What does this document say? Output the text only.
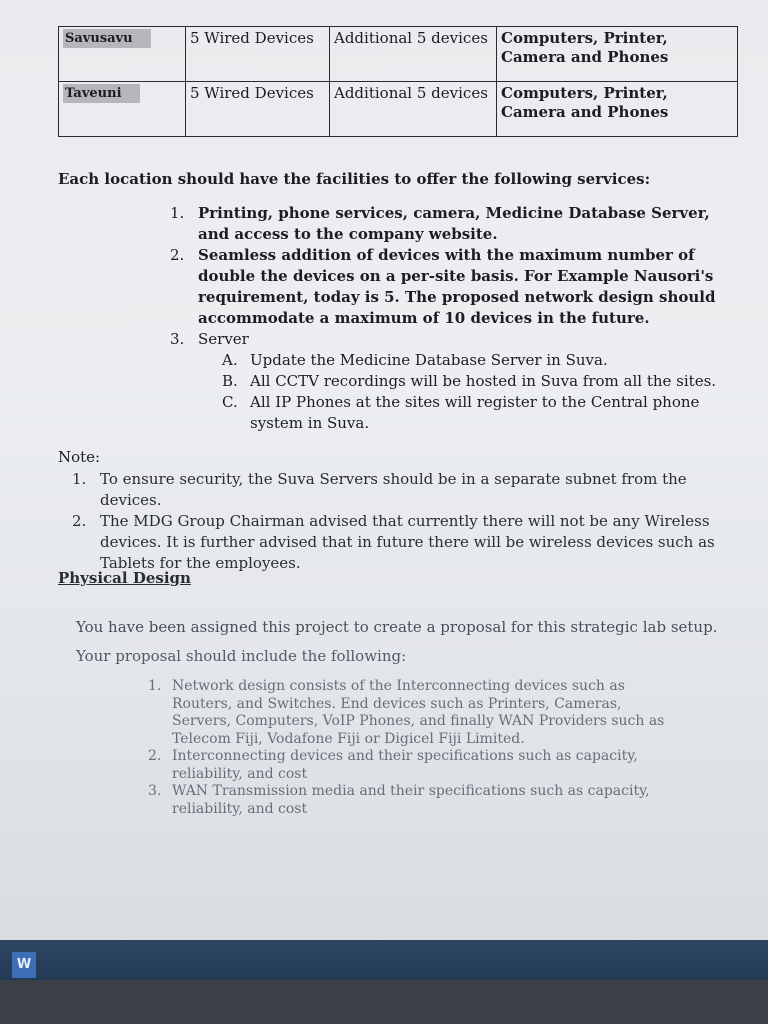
Savusavu	5 Wired Devices	Additional 5 devices	Computers, Printer, Camera and Phones
Taveuni	5 Wired Devices	Additional 5 devices	Computers, Printer, Camera and Phones
Each location should have the facilities to offer the following services:
1. Printing, phone services, camera, Medicine Database Server, and access to the company website.
2. Seamless addition of devices with the maximum number of double the devices on a per-site basis. For Example Nausori's requirement, today is 5. The proposed network design should accommodate a maximum of 10 devices in the future.
3. Server
A. Update the Medicine Database Server in Suva.
B. All CCTV recordings will be hosted in Suva from all the sites.
C. All IP Phones at the sites will register to the Central phone system in Suva.
Note:
1. To ensure security, the Suva Servers should be in a separate subnet from the devices.
2. The MDG Group Chairman advised that currently there will not be any Wireless devices. It is further advised that in future there will be wireless devices such as Tablets for the employees.
Physical Design
You have been assigned this project to create a proposal for this strategic lab setup.
Your proposal should include the following:
1. Network design consists of the Interconnecting devices such as Routers, and Switches. End devices such as Printers, Cameras, Servers, Computers, VoIP Phones, and finally WAN Providers such as Telecom Fiji, Vodafone Fiji or Digicel Fiji Limited.
2. Interconnecting devices and their specifications such as capacity, reliability, and cost
3. WAN Transmission media and their specifications such as capacity, reliability, and cost
W
